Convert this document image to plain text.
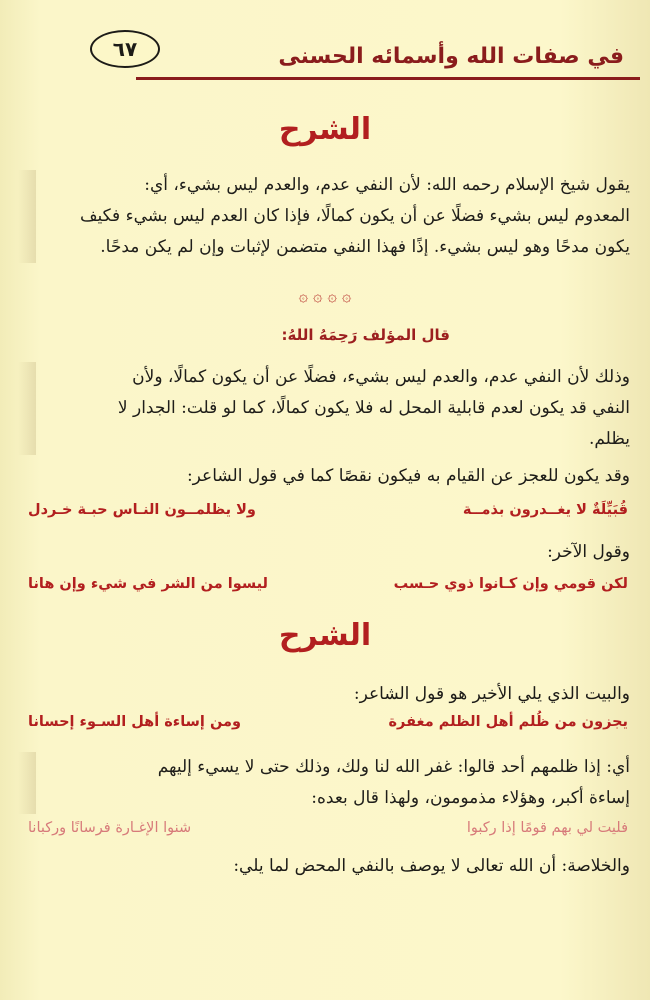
في صفات الله وأسمائه الحسنى
٦٧
الشرح
يقول شيخ الإسلام رحمه الله: لأن النفي عدم، والعدم ليس بشيء، أي:
المعدوم ليس بشيء فضلًا عن أن يكون كمالًا، فإذا كان العدم ليس بشيء فكيف
يكون مدحًا وهو ليس بشيء. إذًا فهذا النفي متضمن لإثبات وإن لم يكن مدحًا.
۞ ۞ ۞ ۞
قال المؤلف رَحِمَهُ اللهُ:
وذلك لأن النفي عدم، والعدم ليس بشيء، فضلًا عن أن يكون كمالًا، ولأن
النفي قد يكون لعدم قابلية المحل له فلا يكون كمالًا، كما لو قلت: الجدار لا
يظلم.
وقد يكون للعجز عن القيام به فيكون نقصًا كما في قول الشاعر:
قُبَيِّلَةٌ لا يغــدرون بذمــة
ولا يظلمــون النـاس حبـة خـردل
وقول الآخر:
لكن قومي وإن كـانوا ذوي حـسب
ليسوا من الشر في شيء وإن هانا
الشرح
والبيت الذي يلي الأخير هو قول الشاعر:
يجزون من ظُلم أهل الظلم مغفرة
ومن إساءة أهل السـوء إحسانا
أي: إذا ظلمهم أحد قالوا: غفر الله لنا ولك، وذلك حتى لا يسيء إليهم
إساءة أكبر، وهؤلاء مذمومون، ولهذا قال بعده:
فليت لي بهم قومًا إذا ركبوا
شنوا الإغـارة فرسانًا وركبانا
والخلاصة: أن الله تعالى لا يوصف بالنفي المحض لما يلي:
